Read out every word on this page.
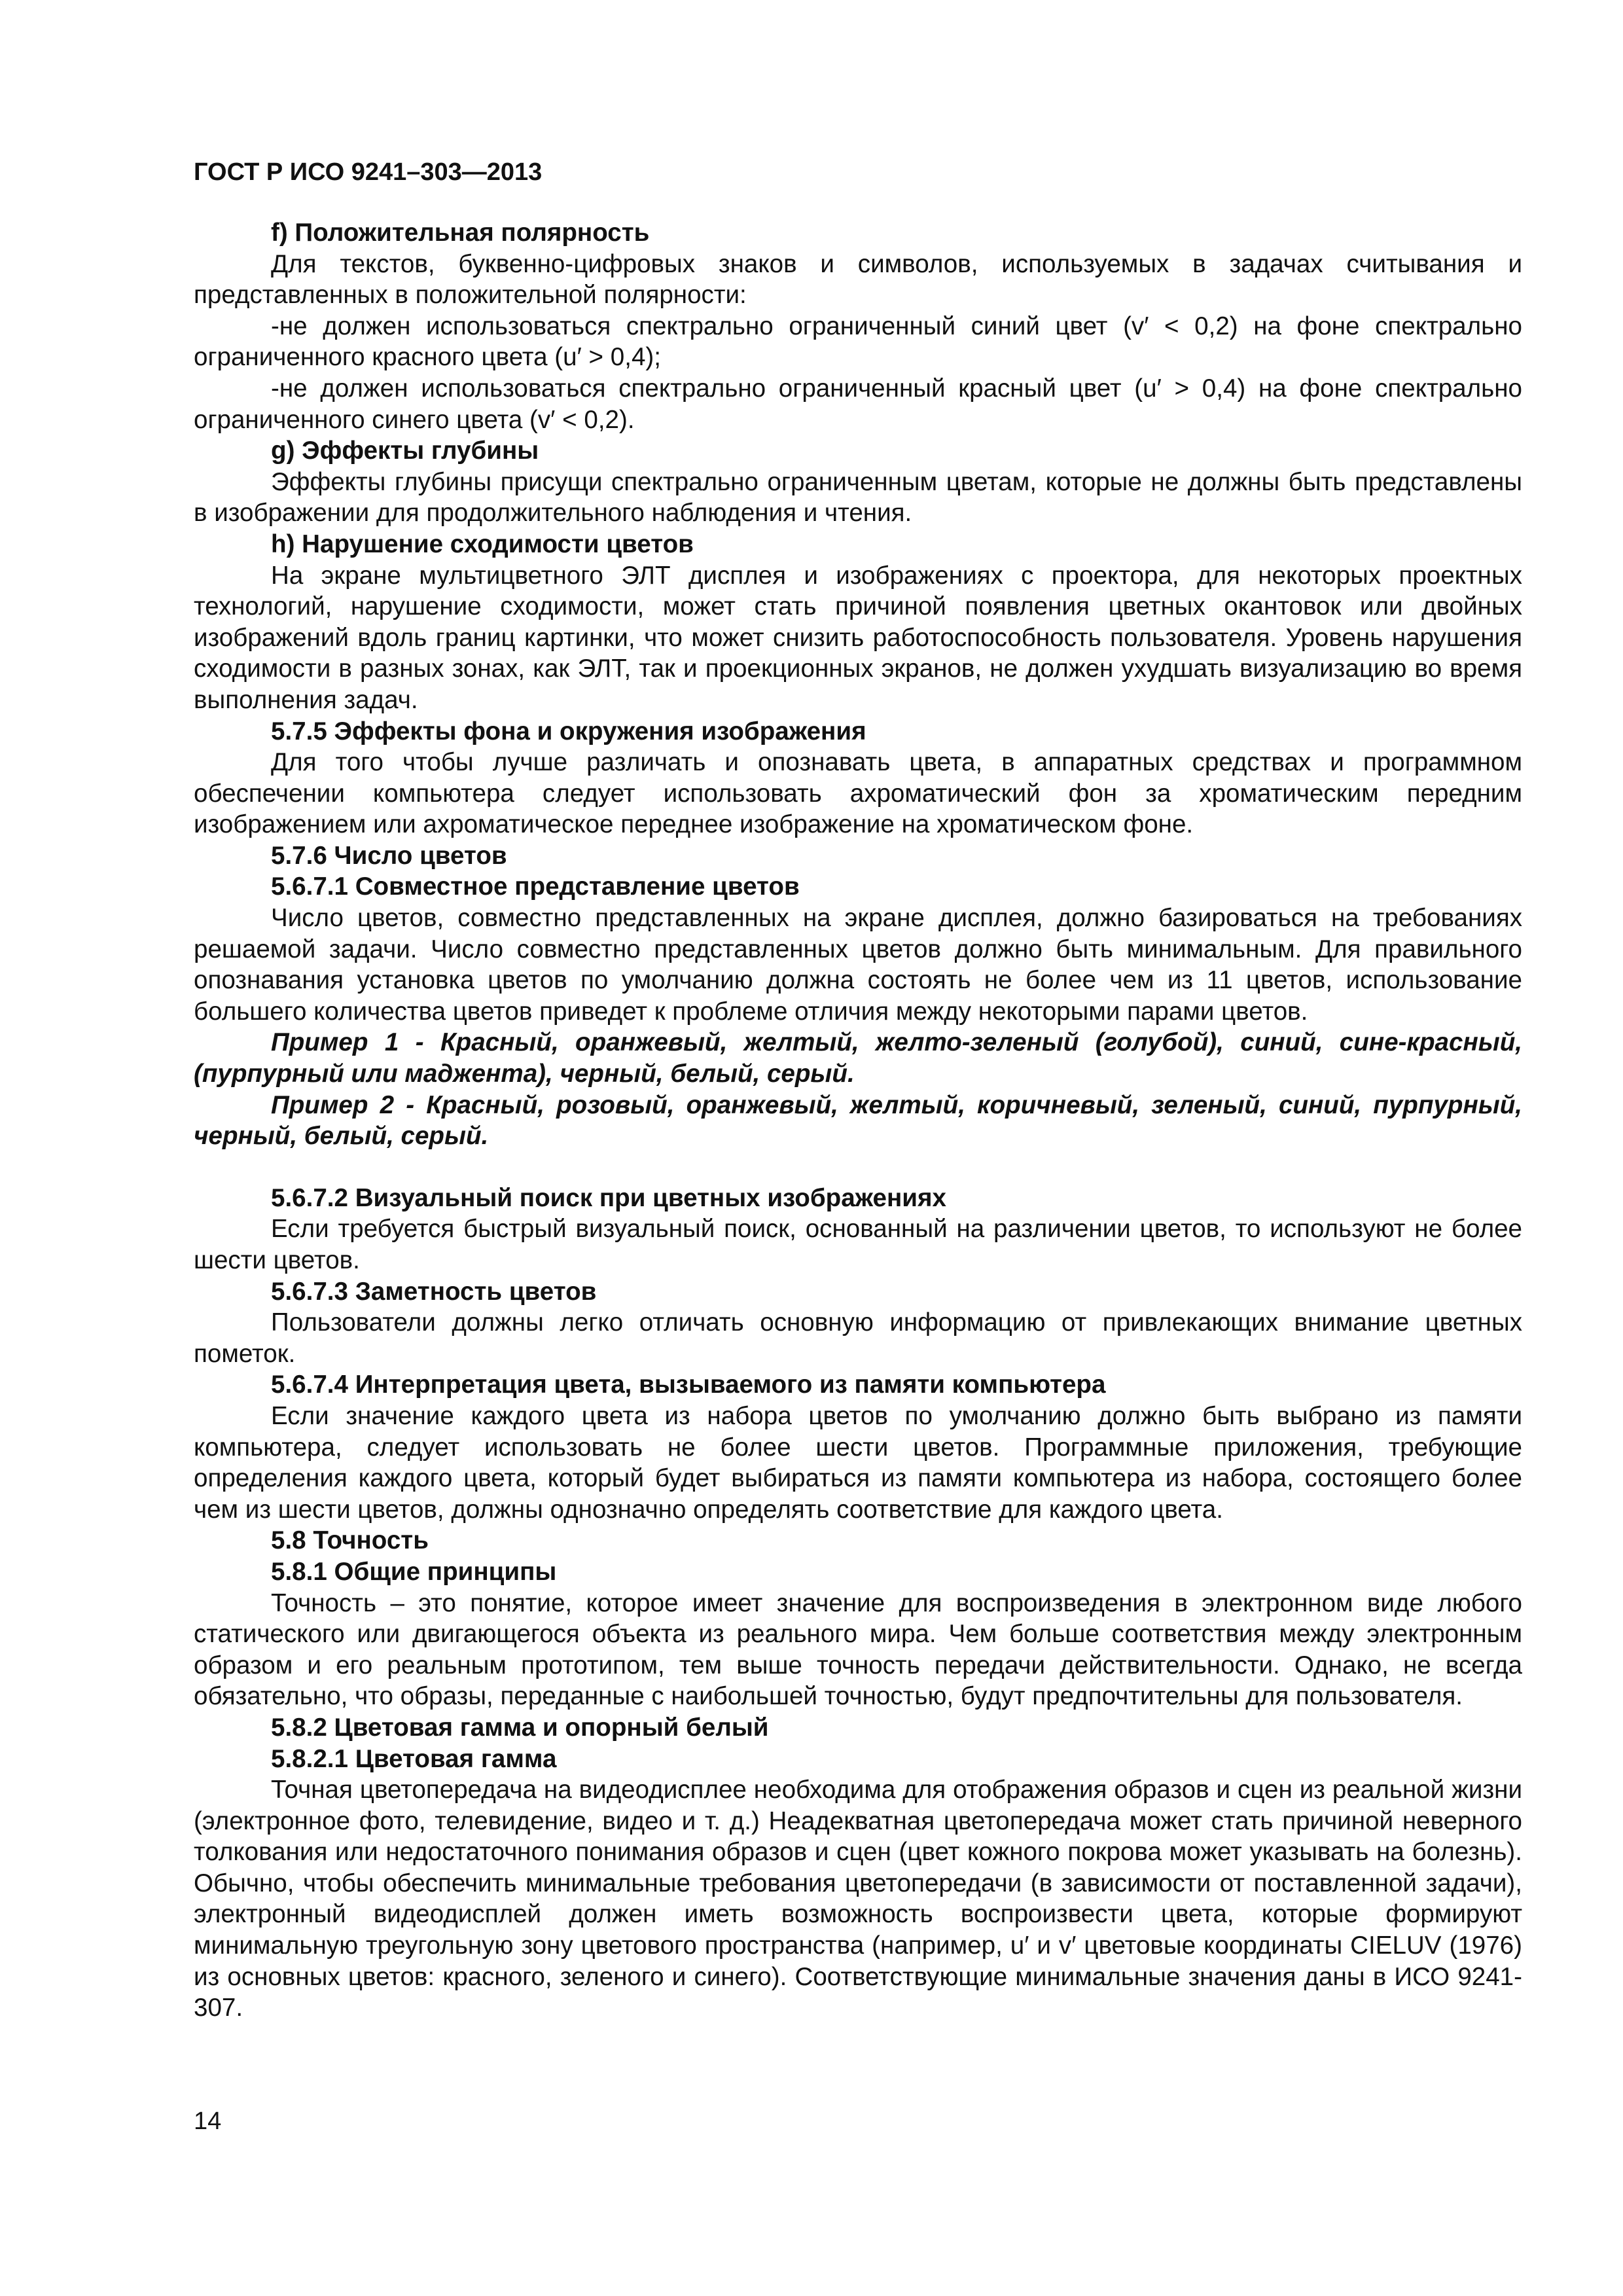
ГОСТ Р ИСО 9241–303—2013

f) Положительная полярность

Для текстов, буквенно-цифровых знаков и символов, используемых в задачах считывания и представленных в положительной полярности:

-не должен использоваться спектрально ограниченный синий цвет (v′ < 0,2) на фоне спектрально ограниченного красного цвета (u′ > 0,4);

-не должен использоваться спектрально ограниченный красный цвет (u′ > 0,4) на фоне спектрально ограниченного синего цвета (v′ < 0,2).

g) Эффекты глубины

Эффекты глубины присущи спектрально ограниченным цветам, которые не должны быть представлены в изображении для продолжительного наблюдения и чтения.

h) Нарушение сходимости цветов

На экране мультицветного ЭЛТ дисплея и изображениях с проектора, для некоторых проектных технологий, нарушение сходимости, может стать причиной появления цветных окантовок или двойных изображений вдоль границ картинки, что может снизить работоспособность пользователя. Уровень нарушения сходимости в разных зонах, как ЭЛТ, так и проекционных экранов, не должен ухудшать визуализацию во время выполнения задач.

5.7.5 Эффекты фона и окружения изображения

Для того чтобы лучше различать и опознавать цвета, в аппаратных средствах и программном обеспечении компьютера следует использовать ахроматический фон за хроматическим передним изображением или ахроматическое переднее изображение на хроматическом фоне.

5.7.6 Число цветов

5.6.7.1 Совместное представление цветов

Число цветов, совместно представленных на экране дисплея, должно базироваться на требованиях решаемой задачи. Число совместно представленных цветов должно быть минимальным. Для правильного опознавания установка цветов по умолчанию должна состоять не более чем из 11 цветов, использование большего количества цветов приведет к проблеме отличия между некоторыми парами цветов.

Пример 1 - Красный, оранжевый, желтый, желто-зеленый (голубой), синий, сине-красный, (пурпурный или маджента), черный, белый, серый.

Пример 2 - Красный, розовый, оранжевый, желтый, коричневый, зеленый, синий, пурпурный, черный, белый, серый.

5.6.7.2 Визуальный поиск при цветных изображениях

Если требуется быстрый визуальный поиск, основанный на различении цветов, то используют не более шести цветов.

5.6.7.3 Заметность цветов

Пользователи должны легко отличать основную информацию от привлекающих внимание цветных пометок.

5.6.7.4 Интерпретация цвета, вызываемого из памяти компьютера

Если значение каждого цвета из набора цветов по умолчанию должно быть выбрано из памяти компьютера, следует использовать не более шести цветов. Программные приложения, требующие определения каждого цвета, который будет выбираться из памяти компьютера из набора, состоящего более чем из шести цветов, должны однозначно определять соответствие для каждого цвета.

5.8 Точность

5.8.1 Общие принципы

Точность – это понятие, которое имеет значение для воспроизведения в электронном виде любого статического или двигающегося объекта из реального мира. Чем больше соответствия между электронным образом и его реальным прототипом, тем выше точность передачи действительности. Однако, не всегда обязательно, что образы, переданные с наибольшей точностью, будут предпочтительны для пользователя.

5.8.2 Цветовая гамма и опорный белый

5.8.2.1 Цветовая гамма

Точная цветопередача на видеодисплее необходима для отображения образов и сцен из реальной жизни (электронное фото, телевидение, видео и т. д.) Неадекватная цветопередача может стать причиной неверного толкования или недостаточного понимания образов и сцен (цвет кожного покрова может указывать на болезнь). Обычно, чтобы обеспечить минимальные требования цветопередачи (в зависимости от поставленной задачи), электронный видеодисплей должен иметь возможность воспроизвести цвета, которые формируют минимальную треугольную зону цветового пространства (например, u′ и v′ цветовые координаты CIELUV (1976) из основных цветов: красного, зеленого и синего). Соответствующие минимальные значения даны в ИСО 9241-307.

14
